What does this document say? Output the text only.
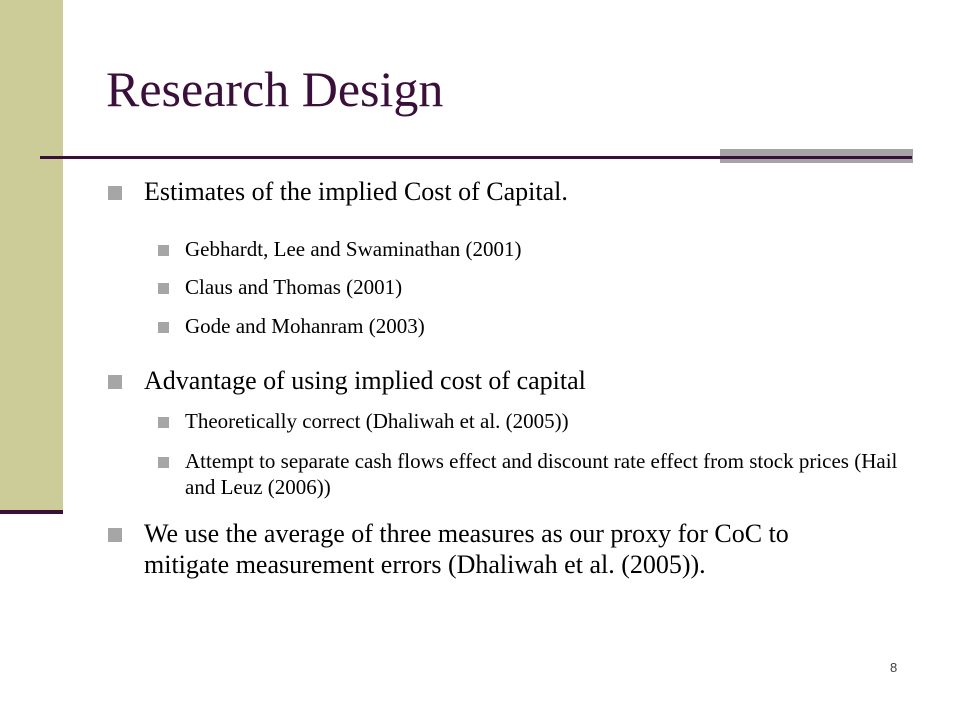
Research Design
Estimates of the implied Cost of Capital.
Gebhardt, Lee and Swaminathan (2001)
Claus and Thomas (2001)
Gode and Mohanram (2003)
Advantage of using implied cost of capital
Theoretically correct (Dhaliwah et al. (2005))
Attempt to separate cash flows effect and discount rate effect from stock prices (Hail and Leuz (2006))
We use the average of three measures as our proxy for CoC to mitigate measurement errors (Dhaliwah et al. (2005)).
8
